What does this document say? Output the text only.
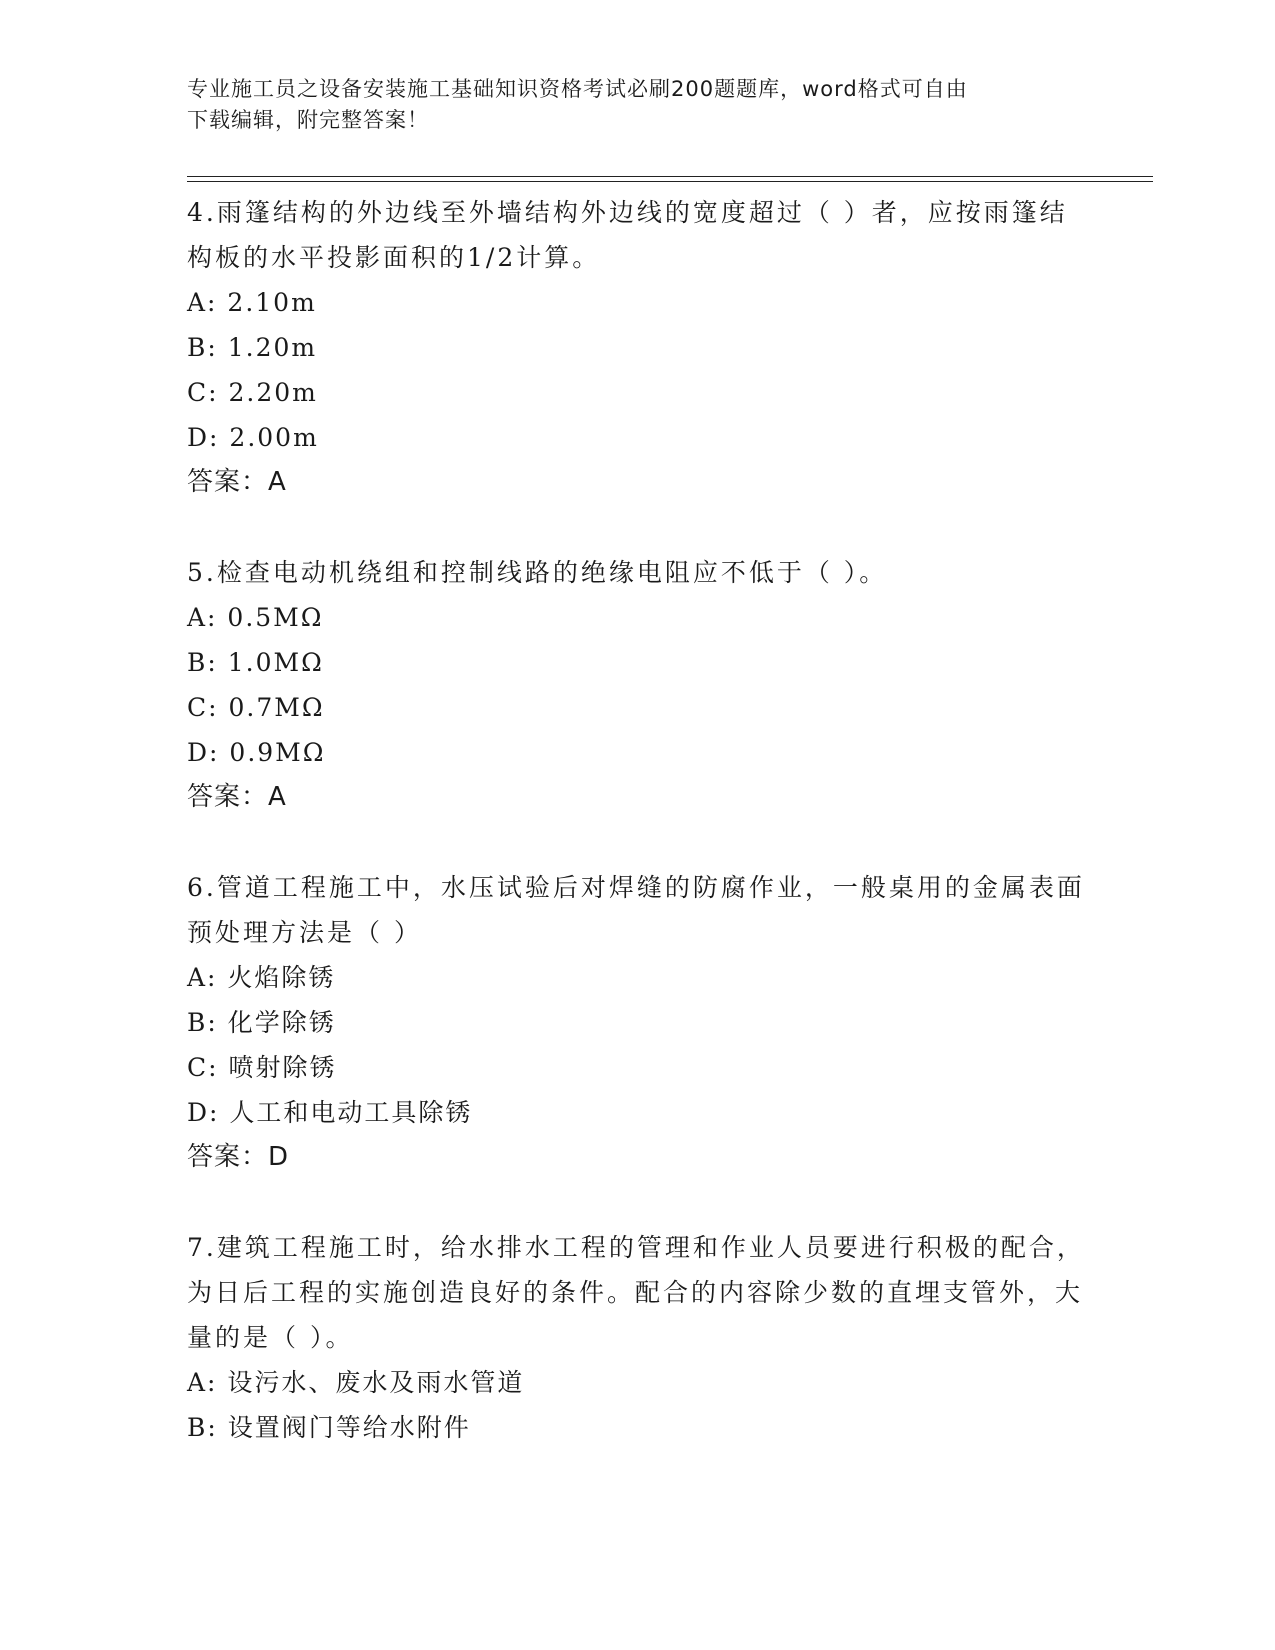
专业施工员之设备安装施工基础知识资格考试必刷200题题库，word格式可自由
下载编辑，附完整答案！

4.雨篷结构的外边线至外墙结构外边线的宽度超过（ ）者，应按雨篷结构板的水平投影面积的1/2计算。

A: 2.10m
B: 1.20m
C: 2.20m
D: 2.00m

答案：A

5.检查电动机绕组和控制线路的绝缘电阻应不低于（ ）。

A: 0.5MΩ
B: 1.0MΩ
C: 0.7MΩ
D: 0.9MΩ

答案：A

6.管道工程施工中，水压试验后对焊缝的防腐作业，一般桌用的金属表面预处理方法是（ ）

A: 火焰除锈
B: 化学除锈
C: 喷射除锈
D: 人工和电动工具除锈

答案：D

7.建筑工程施工时，给水排水工程的管理和作业人员要进行积极的配合，为日后工程的实施创造良好的条件。配合的内容除少数的直埋支管外，大量的是（ ）。

A: 设污水、废水及雨水管道
B: 设置阀门等给水附件
